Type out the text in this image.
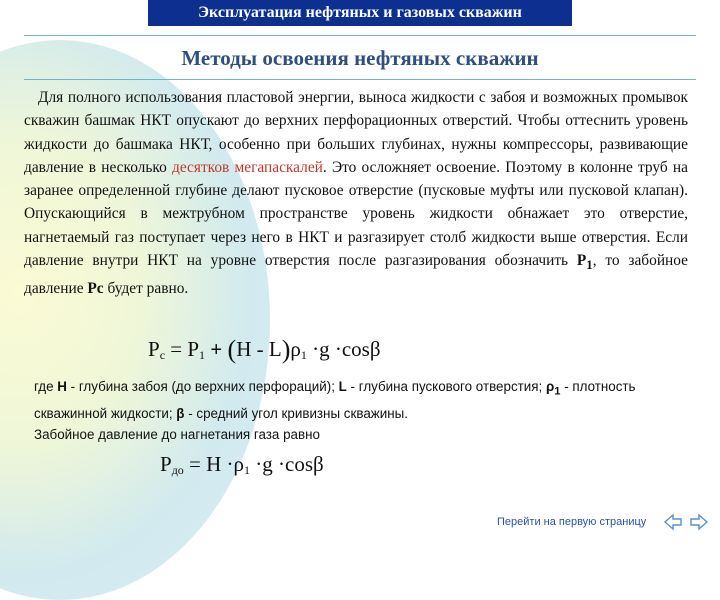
Эксплуатация нефтяных и газовых скважин
Методы освоения нефтяных скважин
Для полного использования пластовой энергии, выноса жидкости с забоя и возможных промывок скважин башмак НКТ опускают до верхних перфорационных отверстий. Чтобы оттеснить уровень жидкости до башмака НКТ, особенно при больших глубинах, нужны компрессоры, развивающие давление в несколько десятков мегапаскалей. Это осложняет освоение. Поэтому в колонне труб на заранее определенной глубине делают пусковое отверстие (пусковые муфты или пусковой клапан). Опускающийся в межтрубном пространстве уровень жидкости обнажает это отверстие, нагнетаемый газ поступает через него в НКТ и разгазирует столб жидкости выше отверстия. Если давление внутри НКТ на уровне отверстия после разгазирования обозначить $P_1$, то забойное давление Pc будет равно.
$P_c = P_1 + (H - L)\rho_1 \cdot g \cdot\cos\beta$
где H - глубина забоя (до верхних перфораций); L - глубина пускового отверстия; $\rho_1$ - плотность скважинной жидкости; β - средний угол кривизны скважины.
Забойное давление до нагнетания газа равно
$P_{до} = H \cdot\rho_1 \cdot g \cdot\cos\beta$
Перейти на первую страницу
